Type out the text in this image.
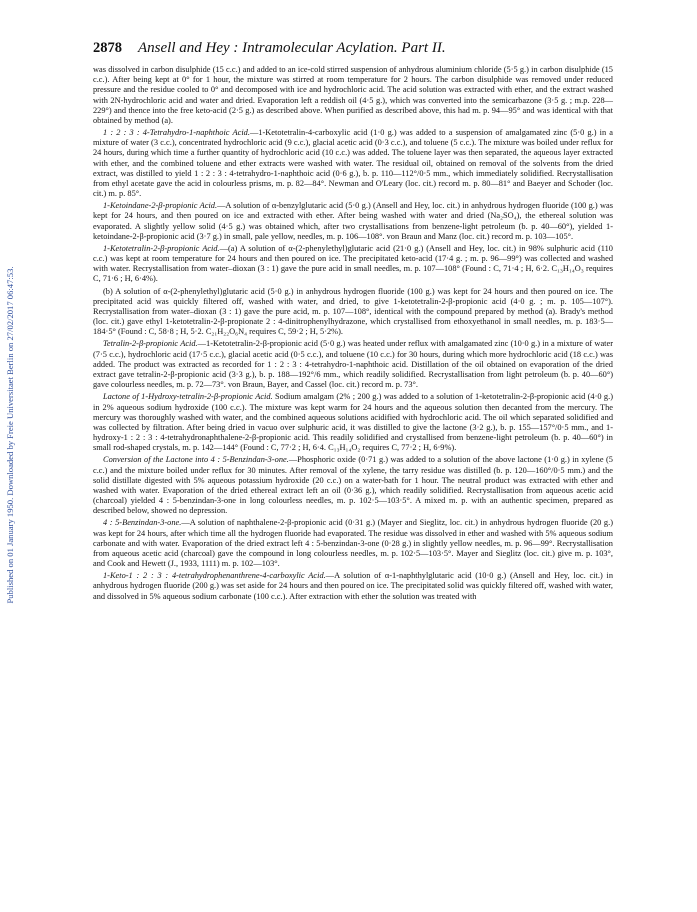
Published on 01 January 1950. Downloaded by Freie Universitaet Berlin on 27/02/2017 06:47:53.
2878 Ansell and Hey : Intramolecular Acylation. Part II.

was dissolved in carbon disulphide (15 c.c.) and added to an ice-cold stirred suspension of anhydrous aluminium chloride (5·5 g.) in carbon disulphide (15 c.c.). After being kept at 0° for 1 hour, the mixture was stirred at room temperature for 2 hours. The carbon disulphide was removed under reduced pressure and the residue cooled to 0° and decomposed with ice and hydrochloric acid. The acid solution was extracted with ether, and the extract washed with 2N-hydrochloric acid and water and dried. Evaporation left a reddish oil (4·5 g.), which was converted into the semicarbazone (3·5 g. ; m.p. 228—229°) and thence into the free keto-acid (2·5 g.) as described above. When purified as described above, this had m. p. 94—95° and was identical with that obtained by method (a).

1 : 2 : 3 : 4-Tetrahydro-1-naphthoic Acid.—1-Ketotetralin-4-carboxylic acid (1·0 g.) was added to a suspension of amalgamated zinc (5·0 g.) in a mixture of water (3 c.c.), concentrated hydrochloric acid (9 c.c.), glacial acetic acid (0·3 c.c.), and toluene (5 c.c.). The mixture was boiled under reflux for 24 hours, during which time a further quantity of hydrochloric acid (10 c.c.) was added. The toluene layer was then separated, the aqueous layer extracted with ether, and the combined toluene and ether extracts were washed with water. The residual oil, obtained on removal of the solvents from the dried extract, was distilled to yield 1 : 2 : 3 : 4-tetrahydro-1-naphthoic acid (0·6 g.), b. p. 110—112°/0·5 mm., which immediately solidified. Recrystallisation from ethyl acetate gave the acid in colourless prisms, m. p. 82—84°. Newman and O'Leary (loc. cit.) record m. p. 80—81° and Baeyer and Schoder (loc. cit.) m. p. 85°.

1-Ketoindane-2-β-propionic Acid.—A solution of α-benzylglutaric acid (5·0 g.) (Ansell and Hey, loc. cit.) in anhydrous hydrogen fluoride (100 g.) was kept for 24 hours, and then poured on ice and extracted with ether. After being washed with water and dried (Na₂SO₄), the ethereal solution was evaporated. A slightly yellow solid (4·5 g.) was obtained which, after two crystallisations from benzene-light petroleum (b. p. 40—60°), yielded 1-ketoindane-2-β-propionic acid (3·7 g.) in small, pale yellow, needles, m. p. 106—108°. von Braun and Manz (loc. cit.) record m. p. 103—105°.

1-Ketotetralin-2-β-propionic Acid.—(a) A solution of α-(2-phenylethyl)glutaric acid (21·0 g.) (Ansell and Hey, loc. cit.) in 98% sulphuric acid (110 c.c.) was kept at room temperature for 24 hours and then poured on ice. The precipitated keto-acid (17·4 g. ; m. p. 96—99°) was collected and washed with water. Recrystallisation from water–dioxan (3 : 1) gave the pure acid in small needles, m. p. 107—108° (Found : C, 71·4 ; H, 6·2. C₁₃H₁₄O₃ requires C, 71·6 ; H, 6·4%).

(b) A solution of α-(2-phenylethyl)glutaric acid (5·0 g.) in anhydrous hydrogen fluoride (100 g.) was kept for 24 hours and then poured on ice. The precipitated acid was quickly filtered off, washed with water, and dried, to give 1-ketotetralin-2-β-propionic acid (4·0 g. ; m. p. 105—107°). Recrystallisation from water–dioxan (3 : 1) gave the pure acid, m. p. 107—108°, identical with the compound prepared by method (a). Brady's method (loc. cit.) gave ethyl 1-ketotetralin-2-β-propionate 2 : 4-dinitrophenylhydrazone, which crystallised from ethoxyethanol in small needles, m. p. 183·5—184·5° (Found : C, 58·8 ; H, 5·2. C₂₁H₂₂O₆N₄ requires C, 59·2 ; H, 5·2%).

Tetralin-2-β-propionic Acid.—1-Ketotetralin-2-β-propionic acid (5·0 g.) was heated under reflux with amalgamated zinc (10·0 g.) in a mixture of water (7·5 c.c.), hydrochloric acid (17·5 c.c.), glacial acetic acid (0·5 c.c.), and toluene (10 c.c.) for 30 hours, during which more hydrochloric acid (18 c.c.) was added. The product was extracted as recorded for 1 : 2 : 3 : 4-tetrahydro-1-naphthoic acid. Distillation of the oil obtained on evaporation of the dried extract gave tetralin-2-β-propionic acid (3·3 g.), b. p. 188—192°/6 mm., which readily solidified. Recrystallisation from light petroleum (b. p. 40—60°) gave colourless needles, m. p. 72—73°. von Braun, Bayer, and Cassel (loc. cit.) record m. p. 73°.

Lactone of 1-Hydroxy-tetralin-2-β-propionic Acid. Sodium amalgam (2% ; 200 g.) was added to a solution of 1-ketotetralin-2-β-propionic acid (4·0 g.) in 2% aqueous sodium hydroxide (100 c.c.). The mixture was kept warm for 24 hours and the aqueous solution then decanted from the mercury. The mercury was thoroughly washed with water, and the combined aqueous solutions acidified with hydrochloric acid. The oil which separated solidified and was collected by filtration. After being dried in vacuo over sulphuric acid, it was distilled to give the lactone (3·2 g.), b. p. 155—157°/0·5 mm., and 1-hydroxy-1 : 2 : 3 : 4-tetrahydronaphthalene-2-β-propionic acid. This readily solidified and crystallised from benzene-light petroleum (b. p. 40—60°) in small rod-shaped crystals, m. p. 142—144° (Found : C, 77·2 ; H, 6·4. C₁₃H₁₄O₂ requires C, 77·2 ; H, 6·9%).

Conversion of the Lactone into 4 : 5-Benzindan-3-one.—Phosphoric oxide (0·71 g.) was added to a solution of the above lactone (1·0 g.) in xylene (5 c.c.) and the mixture boiled under reflux for 30 minutes. After removal of the xylene, the tarry residue was distilled (b. p. 120—160°/0·5 mm.) and the solid distillate digested with 5% aqueous potassium hydroxide (20 c.c.) on a water-bath for 1 hour. The neutral product was extracted with ether and washed with water. Evaporation of the dried ethereal extract left an oil (0·36 g.), which readily solidified. Recrystallisation from aqueous acetic acid (charcoal) yielded 4 : 5-benzindan-3-one in long colourless needles, m. p. 102·5—103·5°. A mixed m. p. with an authentic specimen, prepared as described below, showed no depression.

4 : 5-Benzindan-3-one.—A solution of naphthalene-2-β-propionic acid (0·31 g.) (Mayer and Sieglitz, loc. cit.) in anhydrous hydrogen fluoride (20 g.) was kept for 24 hours, after which time all the hydrogen fluoride had evaporated. The residue was dissolved in ether and washed with 5% aqueous sodium carbonate and with water. Evaporation of the dried extract left 4 : 5-benzindan-3-one (0·28 g.) in slightly yellow needles, m. p. 96—99°. Recrystallisation from aqueous acetic acid (charcoal) gave the compound in long colourless needles, m. p. 102·5—103·5°. Mayer and Sieglitz (loc. cit.) give m. p. 103°, and Cook and Hewett (J., 1933, 1111) m. p. 102—103°.

1-Keto-1 : 2 : 3 : 4-tetrahydrophenanthrene-4-carboxylic Acid.—A solution of α-1-naphthylglutaric acid (10·0 g.) (Ansell and Hey, loc. cit.) in anhydrous hydrogen fluoride (200 g.) was set aside for 24 hours and then poured on ice. The precipitated solid was quickly filtered off, washed with water, and dissolved in 5% aqueous sodium carbonate (100 c.c.). After extraction with ether the solution was treated with
